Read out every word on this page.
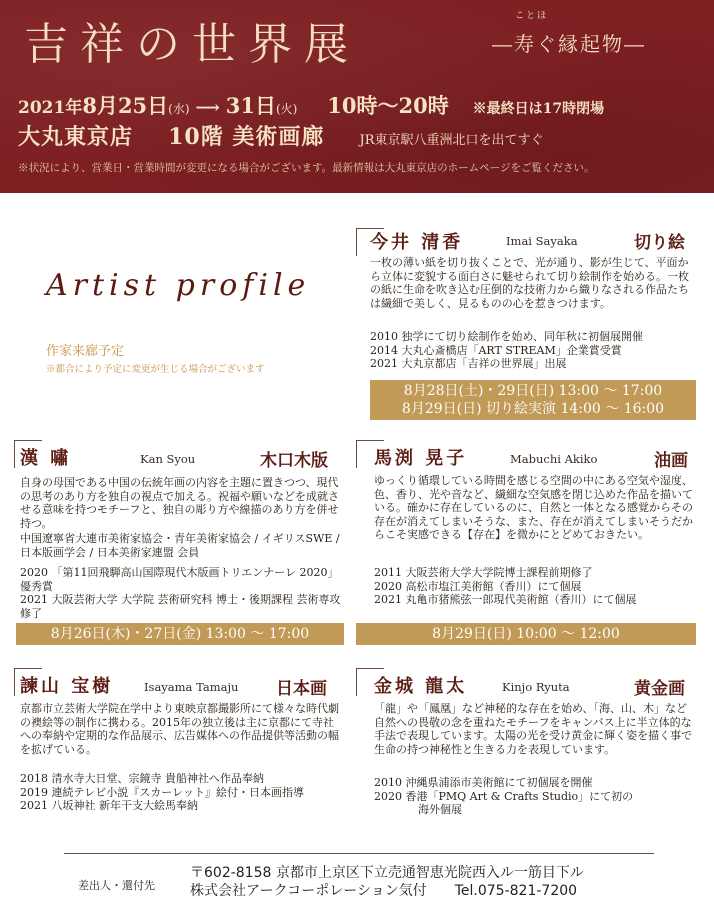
吉祥の世界展
ことほ
―寿ぐ縁起物―
2021年8月25日(水) ⟶ 31日(火) 10時～20時 ※最終日は17時閉場
大丸東京店 10階 美術画廊	JR東京駅八重洲北口を出てすぐ
※状況により、営業日・営業時間が変更になる場合がございます。最新情報は大丸東京店のホームページをご覧ください。
Artist profile
作家来廊予定
※都合により予定に変更が生じる場合がございます
今井 清香	Imai Sayaka	切り絵
一枚の薄い紙を切り抜くことで、光が通り、影が生じて、平面から立体に変貌する面白さに魅せられて切り絵制作を始める。一枚の紙に生命を吹き込む圧倒的な技術力から織りなされる作品たちは繊細で美しく、見るものの心を惹きつけます。
2010 独学にて切り絵制作を始め、同年秋に初個展開催
2014 大丸心斎橋店「ART STREAM」企業賞受賞
2021 大丸京都店「吉祥の世界展」出展
8月28日(土)・29日(日) 13:00 ～ 17:00
8月29日(日) 切り絵実演 14:00 ～ 16:00
漢 嘯	Kan Syou	木口木版
自身の母国である中国の伝統年画の内容を主題に置きつつ、現代の思考のあり方を独自の視点で加える。祝福や願いなどを成就させる意味を持つモチーフと、独自の彫り方や線描のあり方を併せ持つ。
中国遼寧省大連市美術家協会・青年美術家協会 / イギリスSWE / 日本版画学会 / 日本美術家連盟 会員
2020 「第11回飛騨高山国際現代木版画トリエンナーレ 2020」優秀賞
2021 大阪芸術大学 大学院 芸術研究科 博士・後期課程 芸術専攻 修了
8月26日(木)・27日(金) 13:00 ～ 17:00
馬渕 晃子	Mabuchi Akiko	油画
ゆっくり循環している時間を感じる空間の中にある空気や湿度、色、香り、光や音など、繊細な空気感を閉じ込めた作品を描いている。確かに存在しているのに、自然と一体となる感覚からその存在が消えてしまいそうな、また、存在が消えてしまいそうだからこそ実感できる【存在】を微かにとどめておきたい。
2011 大阪芸術大学大学院博士課程前期修了
2020 高松市塩江美術館（香川）にて個展
2021 丸亀市猪熊弦一郎現代美術館（香川）にて個展
8月29日(日) 10:00 ～ 12:00
諫山 宝樹	Isayama Tamaju 日本画
京都市立芸術大学院在学中より東映京都撮影所にて様々な時代劇の襖絵等の制作に携わる。2015年の独立後は主に京都にて寺社への奉納や定期的な作品展示、広告媒体への作品提供等活動の幅を拡げている。
2018 清水寺大日堂、宗鏡寺 貴船神社へ作品奉納
2019 連続テレビ小説『スカーレット』絵付・日本画指導
2021 八坂神社 新年干支大絵馬奉納
金城 龍太	Kinjo Ryuta	黄金画
「龍」や「鳳凰」など神秘的な存在を始め、「海、山、木」など自然への畏敬の念を重ねたモチーフをキャンバス上に半立体的な手法で表現しています。太陽の光を受け黄金に輝く姿を描く事で生命の持つ神秘性と生きる力を表現しています。
2010 沖縄県浦添市美術館にて初個展を開催
2020 香港「PMQ Art & Crafts Studio」にて初の
海外個展
差出人・還付先
〒602-8158 京都市上京区下立売通智恵光院西入ル一筋目下ル
株式会社アークコーポレーション気付　　Tel.075-821-7200
